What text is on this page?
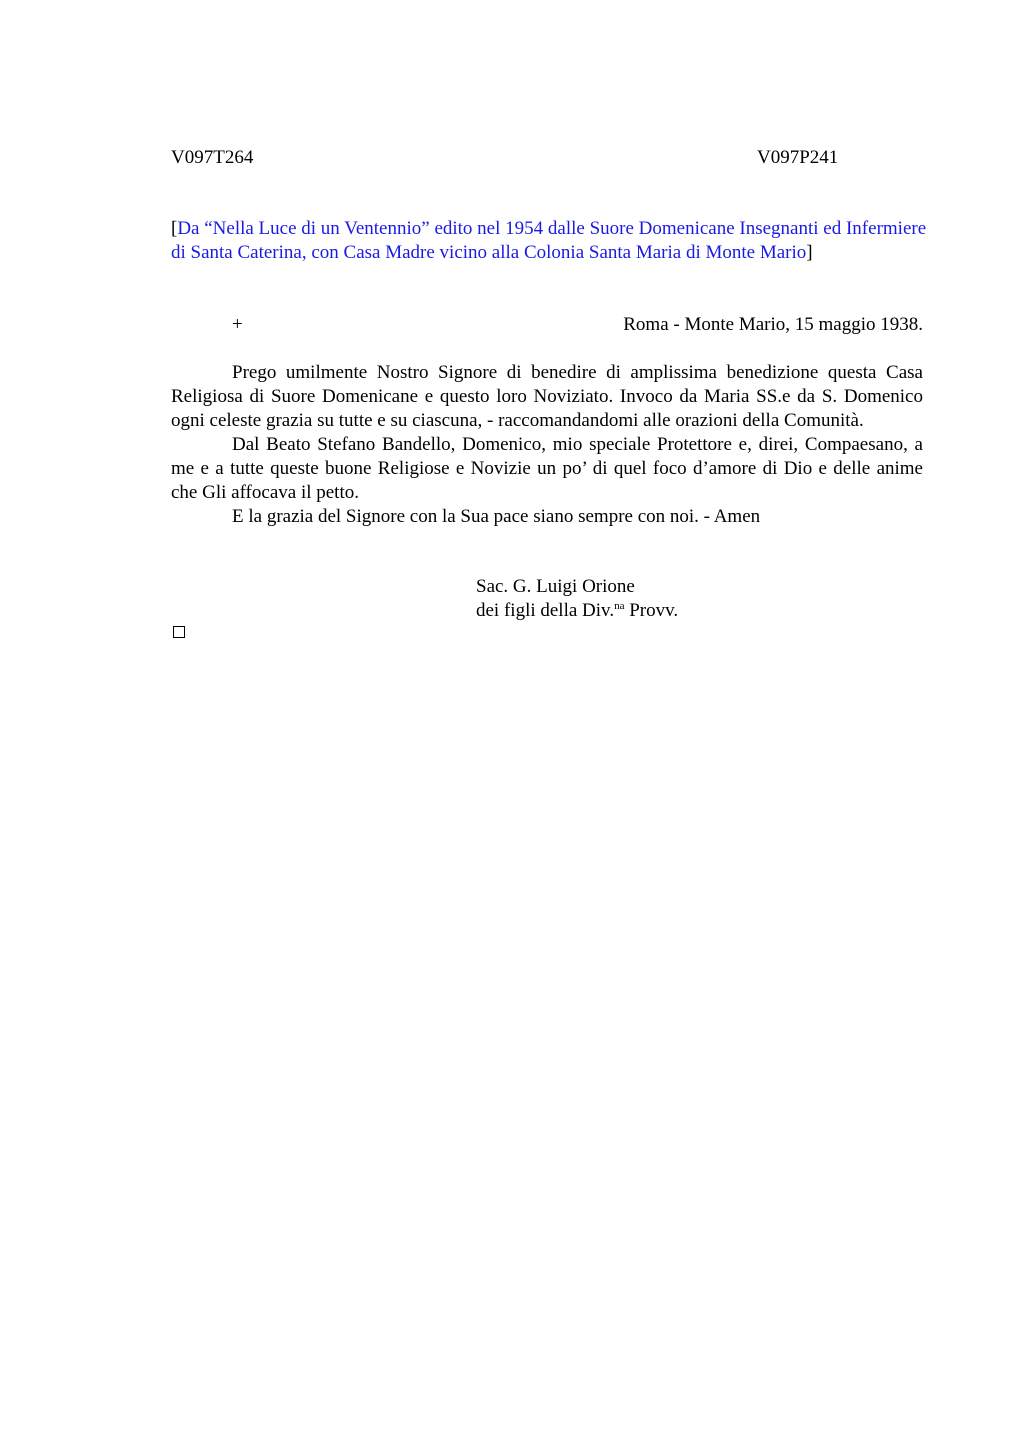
V097T264	V097P241
[Da “Nella Luce di un Ventennio” edito nel 1954 dalle Suore Domenicane Insegnanti ed Infermiere di Santa Caterina, con Casa Madre vicino alla Colonia Santa Maria di Monte Mario]
+	Roma - Monte Mario, 15 maggio 1938.

Prego umilmente Nostro Signore di benedire di amplissima benedizione questa Casa Religiosa di Suore Domenicane e questo loro Noviziato. Invoco da Maria SS.e da S. Domenico ogni celeste grazia su tutte e su ciascuna, - raccomandandomi alle orazioni della Comunità.

Dal Beato Stefano Bandello, Domenico, mio speciale Protettore e, direi, Compaesano, a me e a tutte queste buone Religiose e Novizie un po’ di quel foco d’amore di Dio e delle anime che Gli affocava il petto.

E la grazia del Signore con la Sua pace siano sempre con noi. - Amen

Sac. G. Luigi Orione
dei figli della Div.$^{na}$ Provv.
